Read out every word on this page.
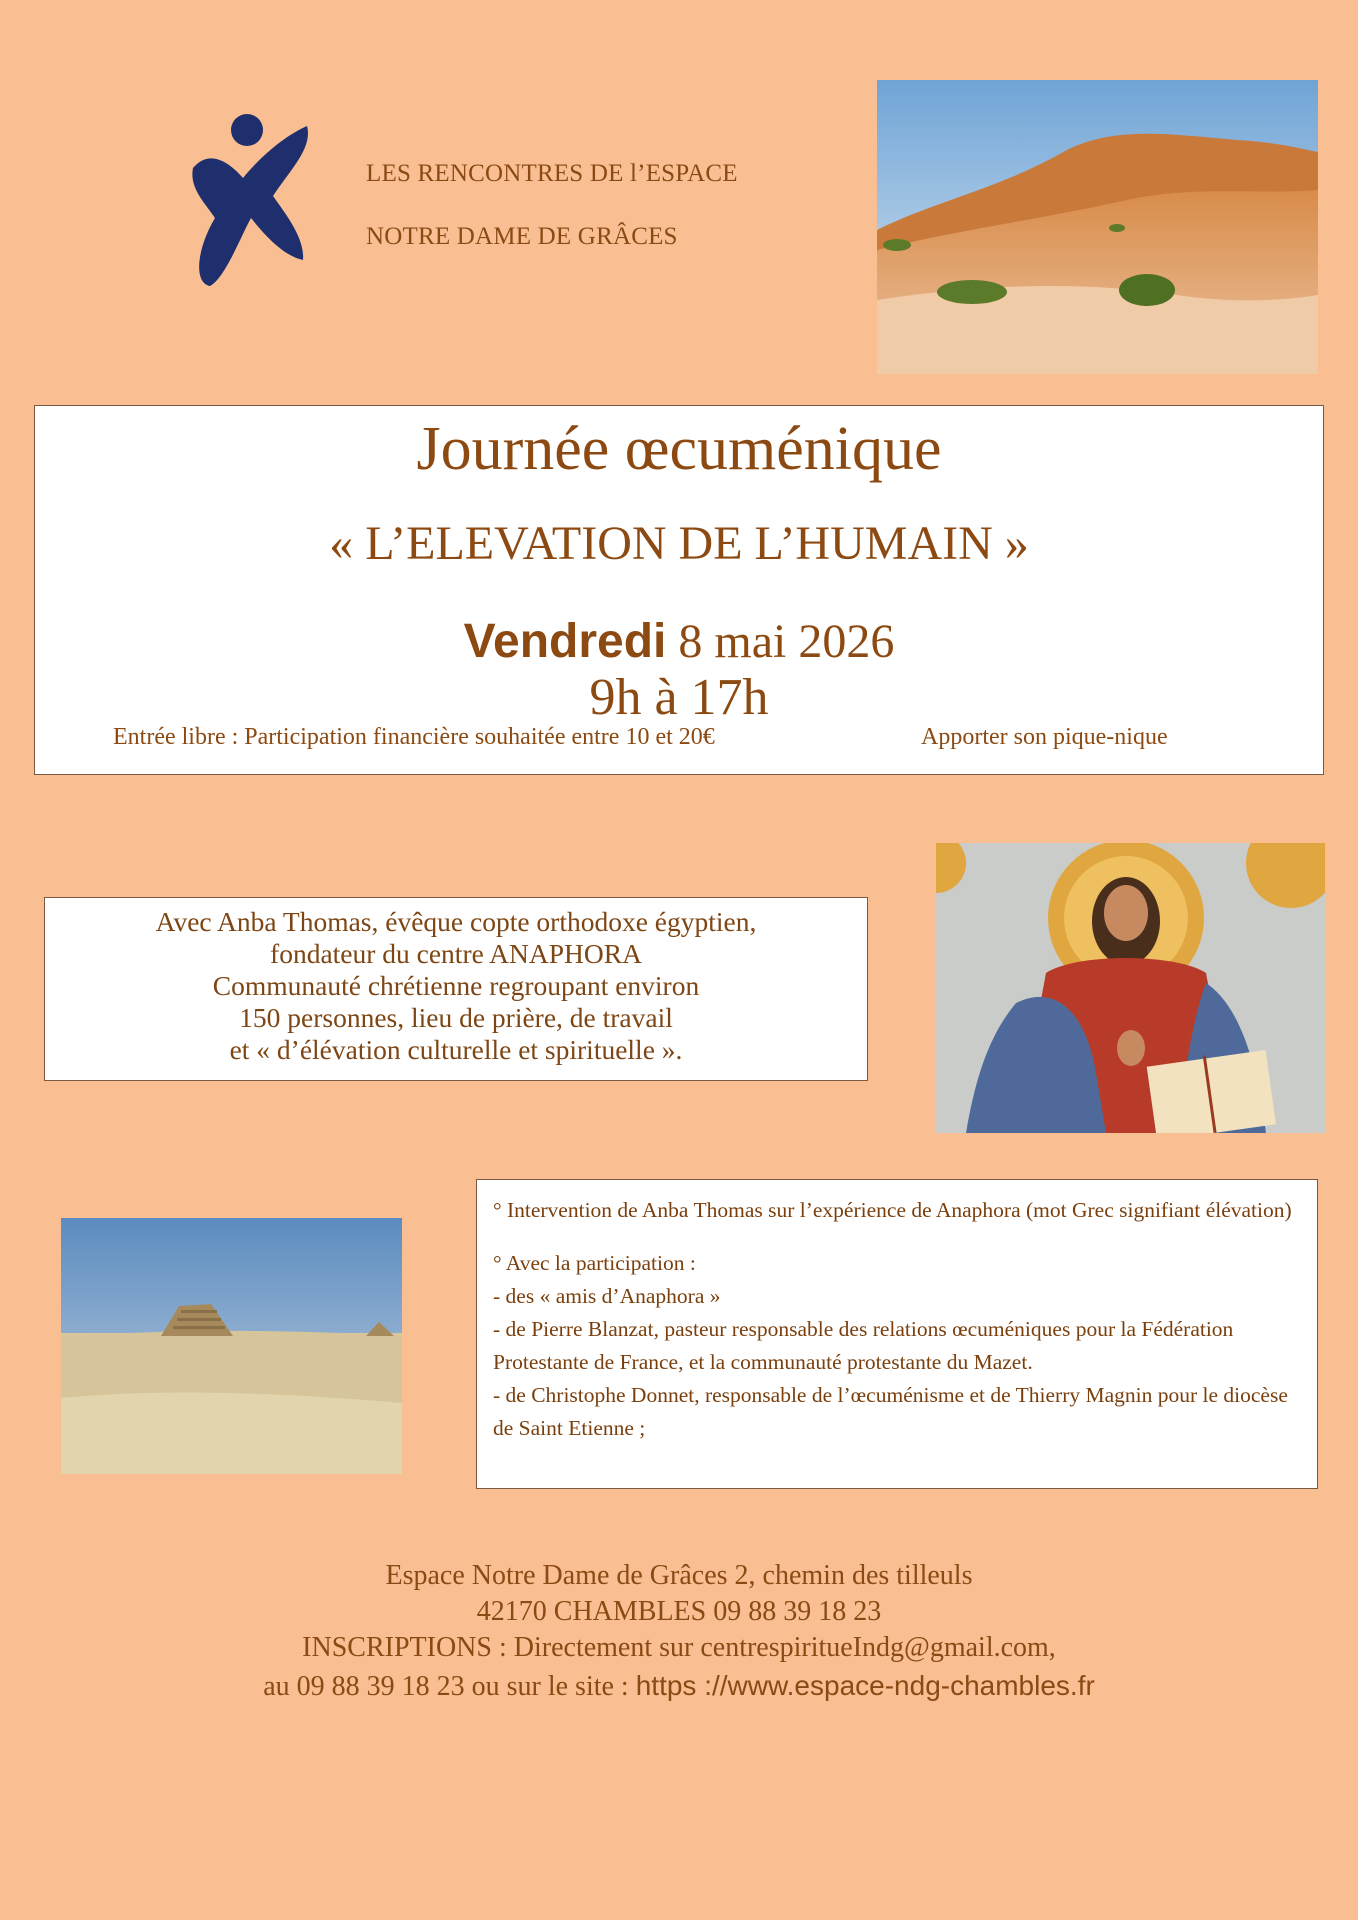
LES RENCONTRES DE l’ESPACE
NOTRE DAME DE GRÂCES
Journée œcuménique
« L’ELEVATION DE L’HUMAIN »
Vendredi 8 mai 2026
9h à 17h
Entrée libre : Participation financière souhaitée entre 10 et 20€	Apporter son pique-nique
Avec Anba Thomas, évêque copte orthodoxe égyptien,
fondateur du centre ANAPHORA
Communauté chrétienne regroupant environ
150 personnes, lieu de prière, de travail
et « d’élévation culturelle et spirituelle ».

° Intervention de Anba Thomas sur l’expérience de Anaphora (mot Grec signifiant élévation)

° Avec la participation :

- des « amis d’Anaphora »

- de Pierre Blanzat, pasteur responsable des relations œcuméniques pour la Fédération Protestante de France, et la communauté protestante du Mazet.

- de Christophe Donnet, responsable de l’œcuménisme et de Thierry Magnin pour le diocèse de Saint Etienne ;

Espace Notre Dame de Grâces 2, chemin des tilleuls
42170 CHAMBLES 09 88 39 18 23
INSCRIPTIONS : Directement sur centrespiritueIndg@gmail.com,
au 09 88 39 18 23 ou sur le site : https ://www.espace-ndg-chambles.fr
